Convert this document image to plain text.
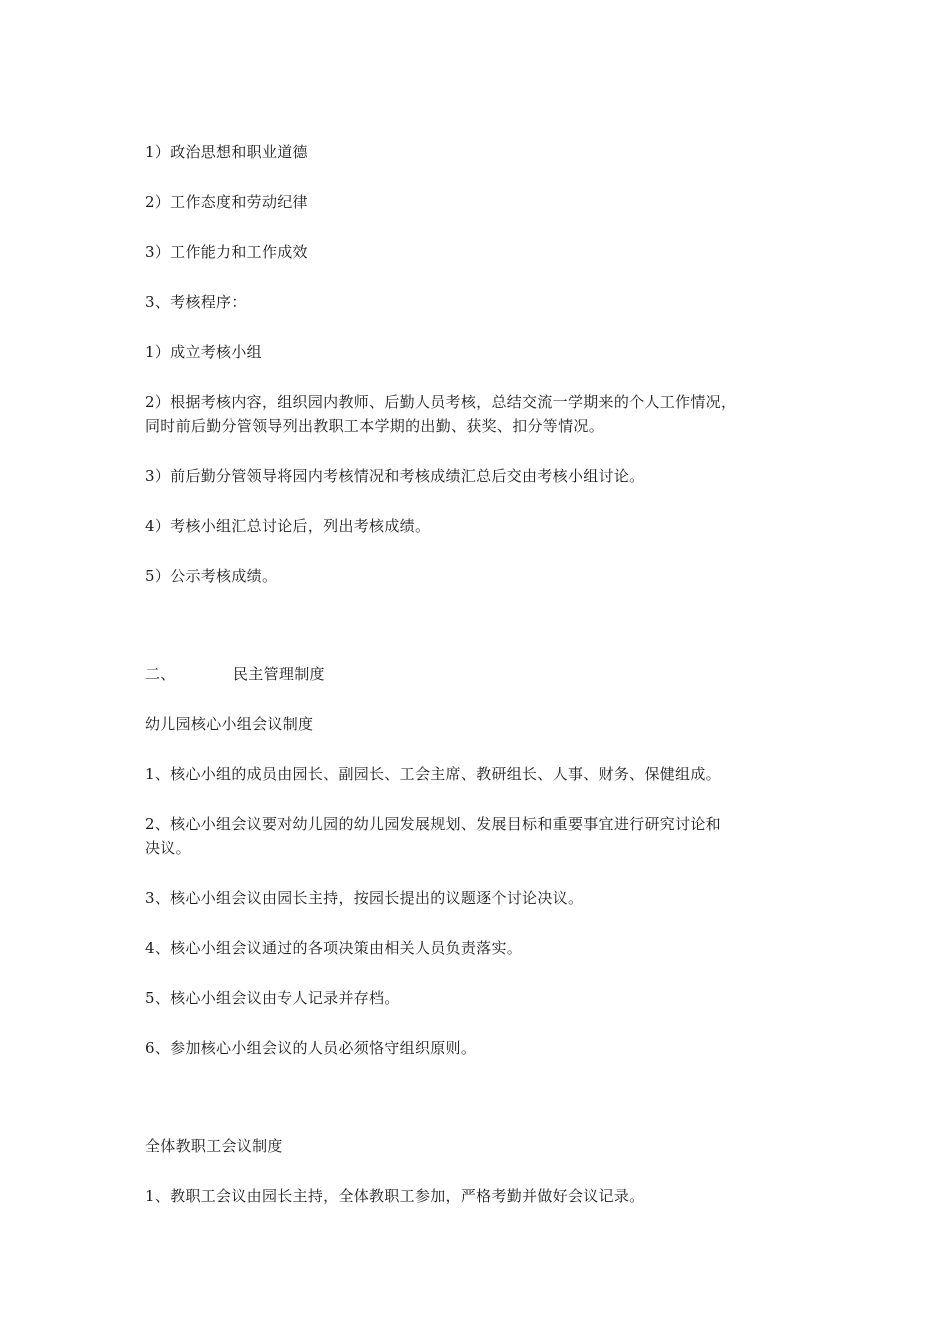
1）政治思想和职业道德
2）工作态度和劳动纪律
3）工作能力和工作成效
3、考核程序：
1）成立考核小组
2）根据考核内容，组织园内教师、后勤人员考核，总结交流一学期来的个人工作情况，
同时前后勤分管领导列出教职工本学期的出勤、获奖、扣分等情况。
3）前后勤分管领导将园内考核情况和考核成绩汇总后交由考核小组讨论。
4）考核小组汇总讨论后，列出考核成绩。
5）公示考核成绩。
二、	民主管理制度
幼儿园核心小组会议制度
1、核心小组的成员由园长、副园长、工会主席、教研组长、人事、财务、保健组成。
2、核心小组会议要对幼儿园的幼儿园发展规划、发展目标和重要事宜进行研究讨论和
决议。
3、核心小组会议由园长主持，按园长提出的议题逐个讨论决议。
4、核心小组会议通过的各项决策由相关人员负责落实。
5、核心小组会议由专人记录并存档。
6、参加核心小组会议的人员必须恪守组织原则。
全体教职工会议制度
1、教职工会议由园长主持，全体教职工参加，严格考勤并做好会议记录。
